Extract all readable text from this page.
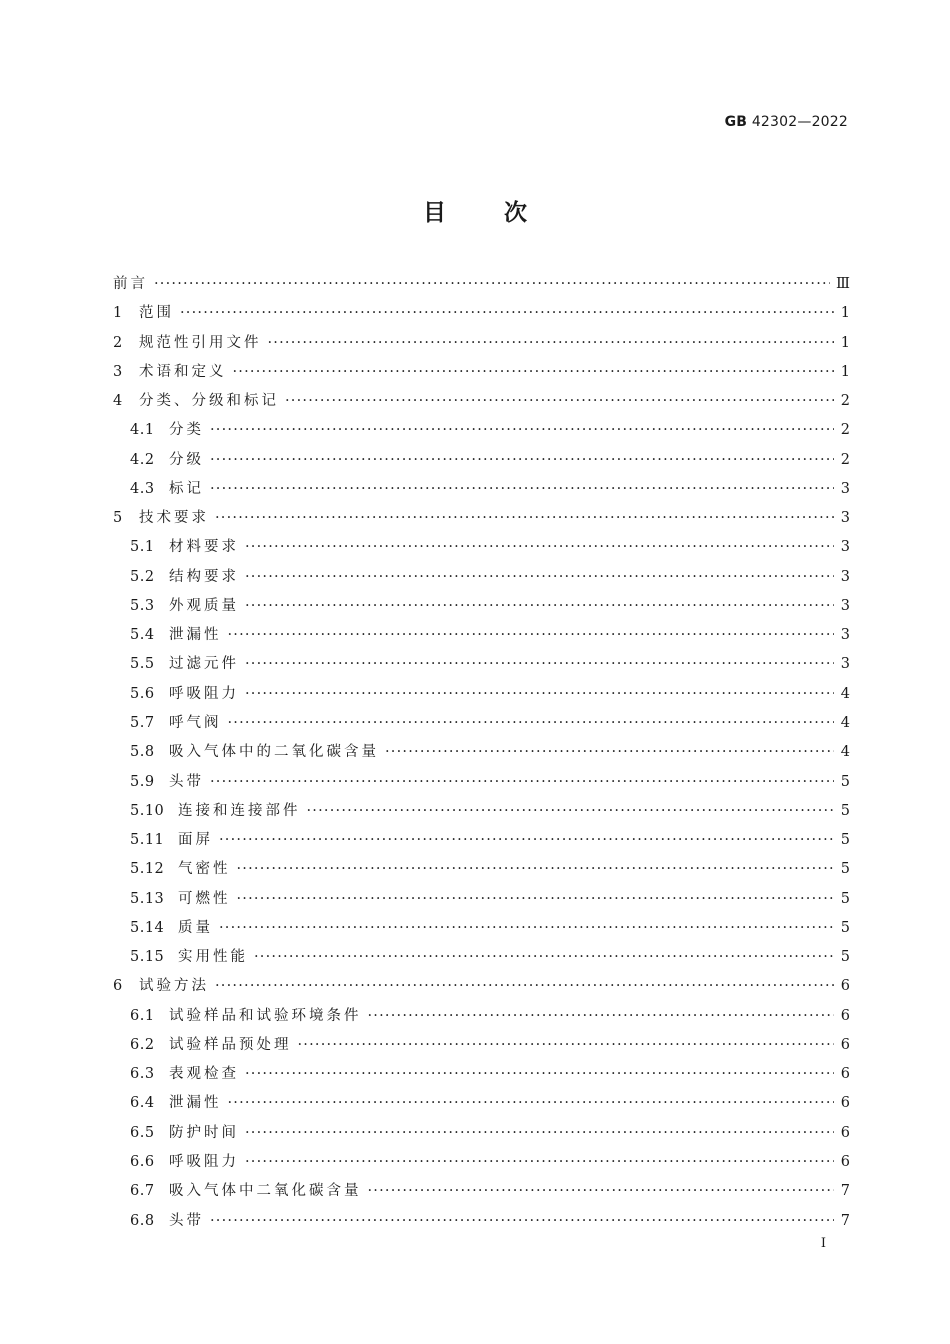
GB 42302—2022
目次
前言 ·····	Ⅲ
1	范围 ·····	1
2	规范性引用文件 ·····	1
3	术语和定义 ·····	1
4	分类、分级和标记 ·····	2
4.1 分类 ·····	2
4.2 分级 ·····	2
4.3 标记 ·····	3
5	技术要求 ·····	3
5.1 材料要求 ·····	3
5.2 结构要求 ·····	3
5.3 外观质量 ·····	3
5.4 泄漏性 ·····	3
5.5 过滤元件 ·····	3
5.6 呼吸阻力 ·····	4
5.7 呼气阀 ·····	4
5.8 吸入气体中的二氧化碳含量 ·····	4
5.9 头带 ·····	5
5.10 连接和连接部件 ·····	5
5.11 面屏 ·····	5
5.12 气密性 ·····	5
5.13 可燃性 ·····	5
5.14 质量 ·····	5
5.15 实用性能 ·····	5
6	试验方法 ·····	6
6.1 试验样品和试验环境条件 ·····	6
6.2 试验样品预处理 ·····	6
6.3 表观检查 ·····	6
6.4 泄漏性 ·····	6
6.5 防护时间 ·····	6
6.6 呼吸阻力 ·····	6
6.7 吸入气体中二氧化碳含量 ·····	7
6.8 头带 ·····	7
I
